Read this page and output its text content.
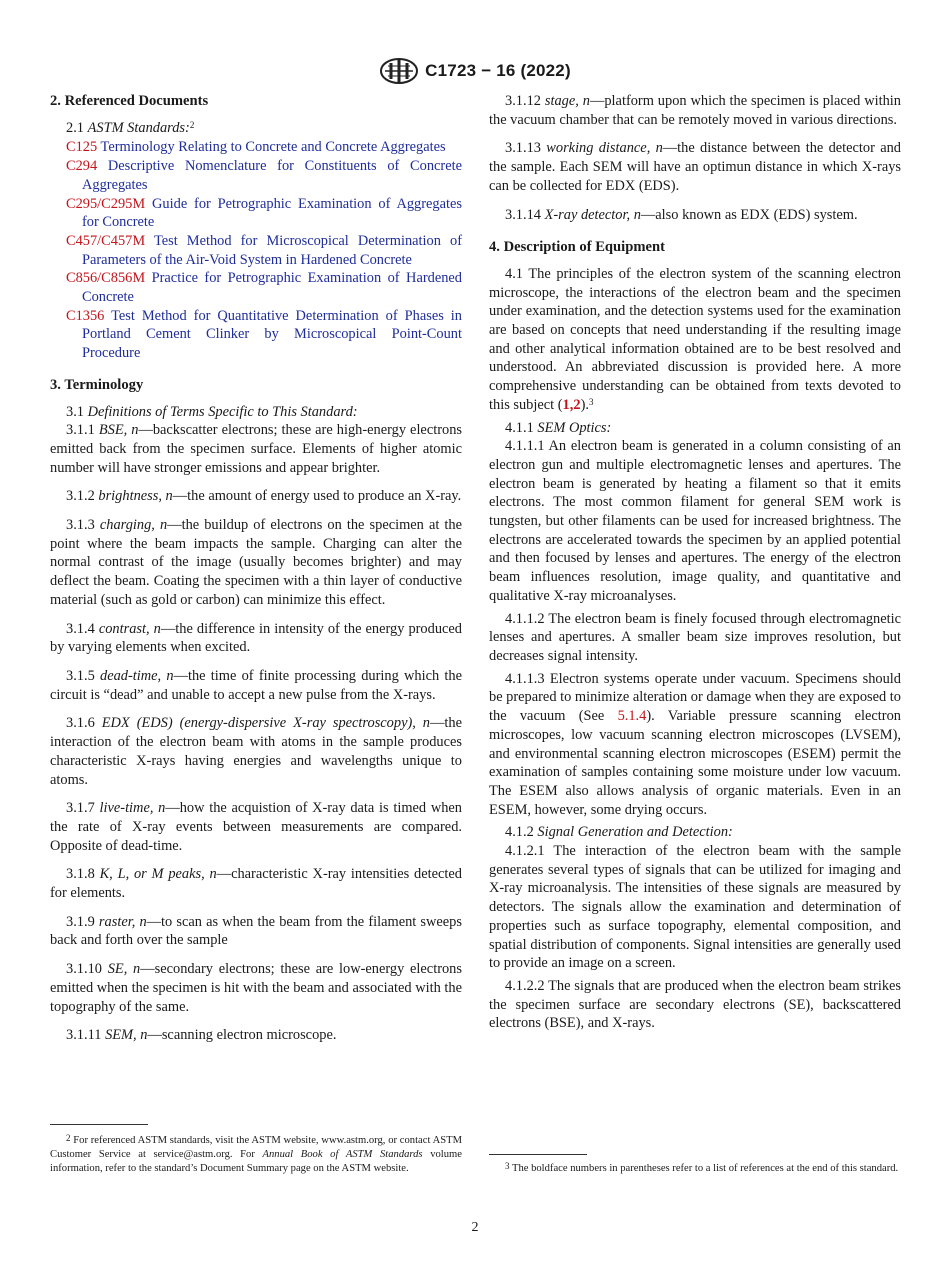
C1723 − 16 (2022)
2. Referenced Documents
2.1 ASTM Standards:$^2$
C125 Terminology Relating to Concrete and Concrete Aggregates
C294 Descriptive Nomenclature for Constituents of Concrete Aggregates
C295/C295M Guide for Petrographic Examination of Aggregates for Concrete
C457/C457M Test Method for Microscopical Determination of Parameters of the Air-Void System in Hardened Concrete
C856/C856M Practice for Petrographic Examination of Hardened Concrete
C1356 Test Method for Quantitative Determination of Phases in Portland Cement Clinker by Microscopical Point-Count Procedure
3. Terminology
3.1 Definitions of Terms Specific to This Standard:
3.1.1 BSE, n—backscatter electrons; these are high-energy electrons emitted back from the specimen surface. Elements of higher atomic number will have stronger emissions and appear brighter.
3.1.2 brightness, n—the amount of energy used to produce an X-ray.
3.1.3 charging, n—the buildup of electrons on the specimen at the point where the beam impacts the sample. Charging can alter the normal contrast of the image (usually becomes brighter) and may deflect the beam. Coating the specimen with a thin layer of conductive material (such as gold or carbon) can minimize this effect.
3.1.4 contrast, n—the difference in intensity of the energy produced by varying elements when excited.
3.1.5 dead-time, n—the time of finite processing during which the circuit is “dead” and unable to accept a new pulse from the X-rays.
3.1.6 EDX (EDS) (energy-dispersive X-ray spectroscopy), n—the interaction of the electron beam with atoms in the sample produces characteristic X-rays having energies and wavelengths unique to atoms.
3.1.7 live-time, n—how the acquistion of X-ray data is timed when the rate of X-ray events between measurements are compared. Opposite of dead-time.
3.1.8 K, L, or M peaks, n—characteristic X-ray intensities detected for elements.
3.1.9 raster, n—to scan as when the beam from the filament sweeps back and forth over the sample
3.1.10 SE, n—secondary electrons; these are low-energy electrons emitted when the specimen is hit with the beam and associated with the topography of the same.
3.1.11 SEM, n—scanning electron microscope.
$^2$ For referenced ASTM standards, visit the ASTM website, www.astm.org, or contact ASTM Customer Service at service@astm.org. For Annual Book of ASTM Standards volume information, refer to the standard’s Document Summary page on the ASTM website.
3.1.12 stage, n—platform upon which the specimen is placed within the vacuum chamber that can be remotely moved in various directions.
3.1.13 working distance, n—the distance between the detector and the sample. Each SEM will have an optimun distance in which X-rays can be collected for EDX (EDS).
3.1.14 X-ray detector, n—also known as EDX (EDS) system.
4. Description of Equipment
4.1 The principles of the electron system of the scanning electron microscope, the interactions of the electron beam and the specimen under examination, and the detection systems used for the examination are based on concepts that need understanding if the resulting image and other analytical information obtained are to be best resolved and understood. An abbreviated discussion is provided here. A more comprehensive understanding can be obtained from texts devoted to this subject (1,2).$^3$
4.1.1 SEM Optics:
4.1.1.1 An electron beam is generated in a column consisting of an electron gun and multiple electromagnetic lenses and apertures. The electron beam is generated by heating a filament so that it emits electrons. The most common filament for general SEM work is tungsten, but other filaments can be used for increased brightness. The electrons are accelerated towards the specimen by an applied potential and then focused by lenses and apertures. The energy of the electron beam influences resolution, image quality, and quantitative and qualitative X-ray microanalyses.
4.1.1.2 The electron beam is finely focused through electromagnetic lenses and apertures. A smaller beam size improves resolution, but decreases signal intensity.
4.1.1.3 Electron systems operate under vacuum. Specimens should be prepared to minimize alteration or damage when they are exposed to the vacuum (See 5.1.4). Variable pressure scanning electron microscopes, low vacuum scanning electron microscopes (LVSEM), and environmental scanning electron microscopes (ESEM) permit the examination of samples containing some moisture under low vacuum. The ESEM also allows analysis of organic materials. Even in an ESEM, however, some drying occurs.
4.1.2 Signal Generation and Detection:
4.1.2.1 The interaction of the electron beam with the sample generates several types of signals that can be utilized for imaging and X-ray microanalysis. The intensities of these signals are measured by detectors. The signals allow the examination and determination of properties such as surface topography, elemental composition, and spatial distribution of components. Signal intensities are generally used to provide an image on a screen.
4.1.2.2 The signals that are produced when the electron beam strikes the specimen surface are secondary electrons (SE), backscattered electrons (BSE), and X-rays.
$^3$ The boldface numbers in parentheses refer to a list of references at the end of this standard.
2
